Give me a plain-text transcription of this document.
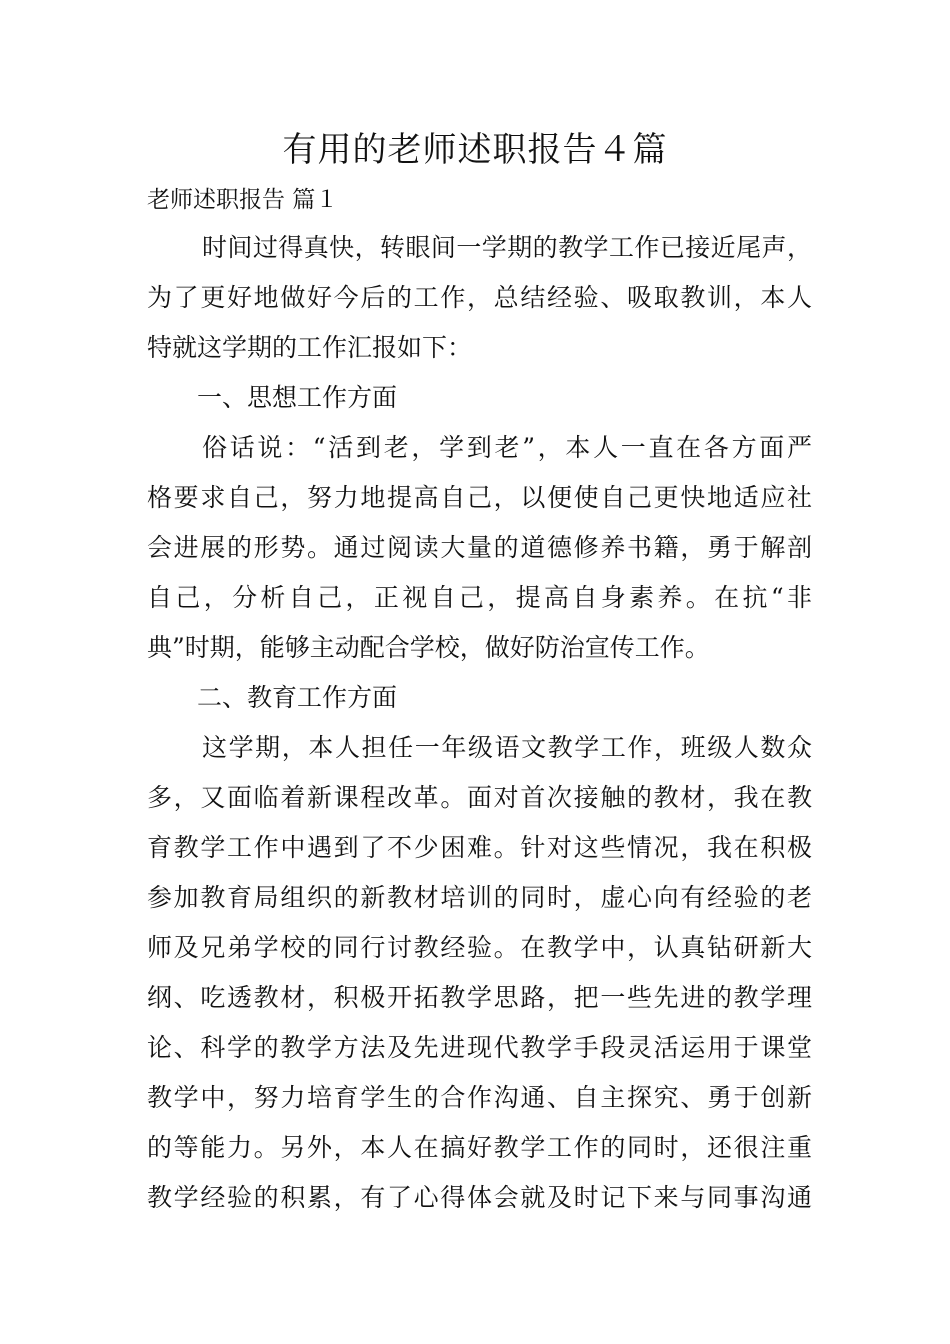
有用的老师述职报告４篇

老师述职报告 篇１

时间过得真快，转眼间一学期的教学工作已接近尾声，

为了更好地做好今后的工作，总结经验、吸取教训，本人

特就这学期的工作汇报如下：

一、思想工作方面

俗话说：“活到老，学到老”，本人一直在各方面严

格要求自己，努力地提高自己，以便使自己更快地适应社

会进展的形势。通过阅读大量的道德修养书籍，勇于解剖

自己，分析自己，正视自己，提高自身素养。在抗“非

典”时期，能够主动配合学校，做好防治宣传工作。

二、教育工作方面

这学期，本人担任一年级语文教学工作，班级人数众

多，又面临着新课程改革。面对首次接触的教材，我在教

育教学工作中遇到了不少困难。针对这些情况，我在积极

参加教育局组织的新教材培训的同时，虚心向有经验的老

师及兄弟学校的同行讨教经验。在教学中，认真钻研新大

纲、吃透教材，积极开拓教学思路，把一些先进的教学理

论、科学的教学方法及先进现代教学手段灵活运用于课堂

教学中，努力培育学生的合作沟通、自主探究、勇于创新

的等能力。另外，本人在搞好教学工作的同时，还很注重

教学经验的积累，有了心得体会就及时记下来与同事沟通
